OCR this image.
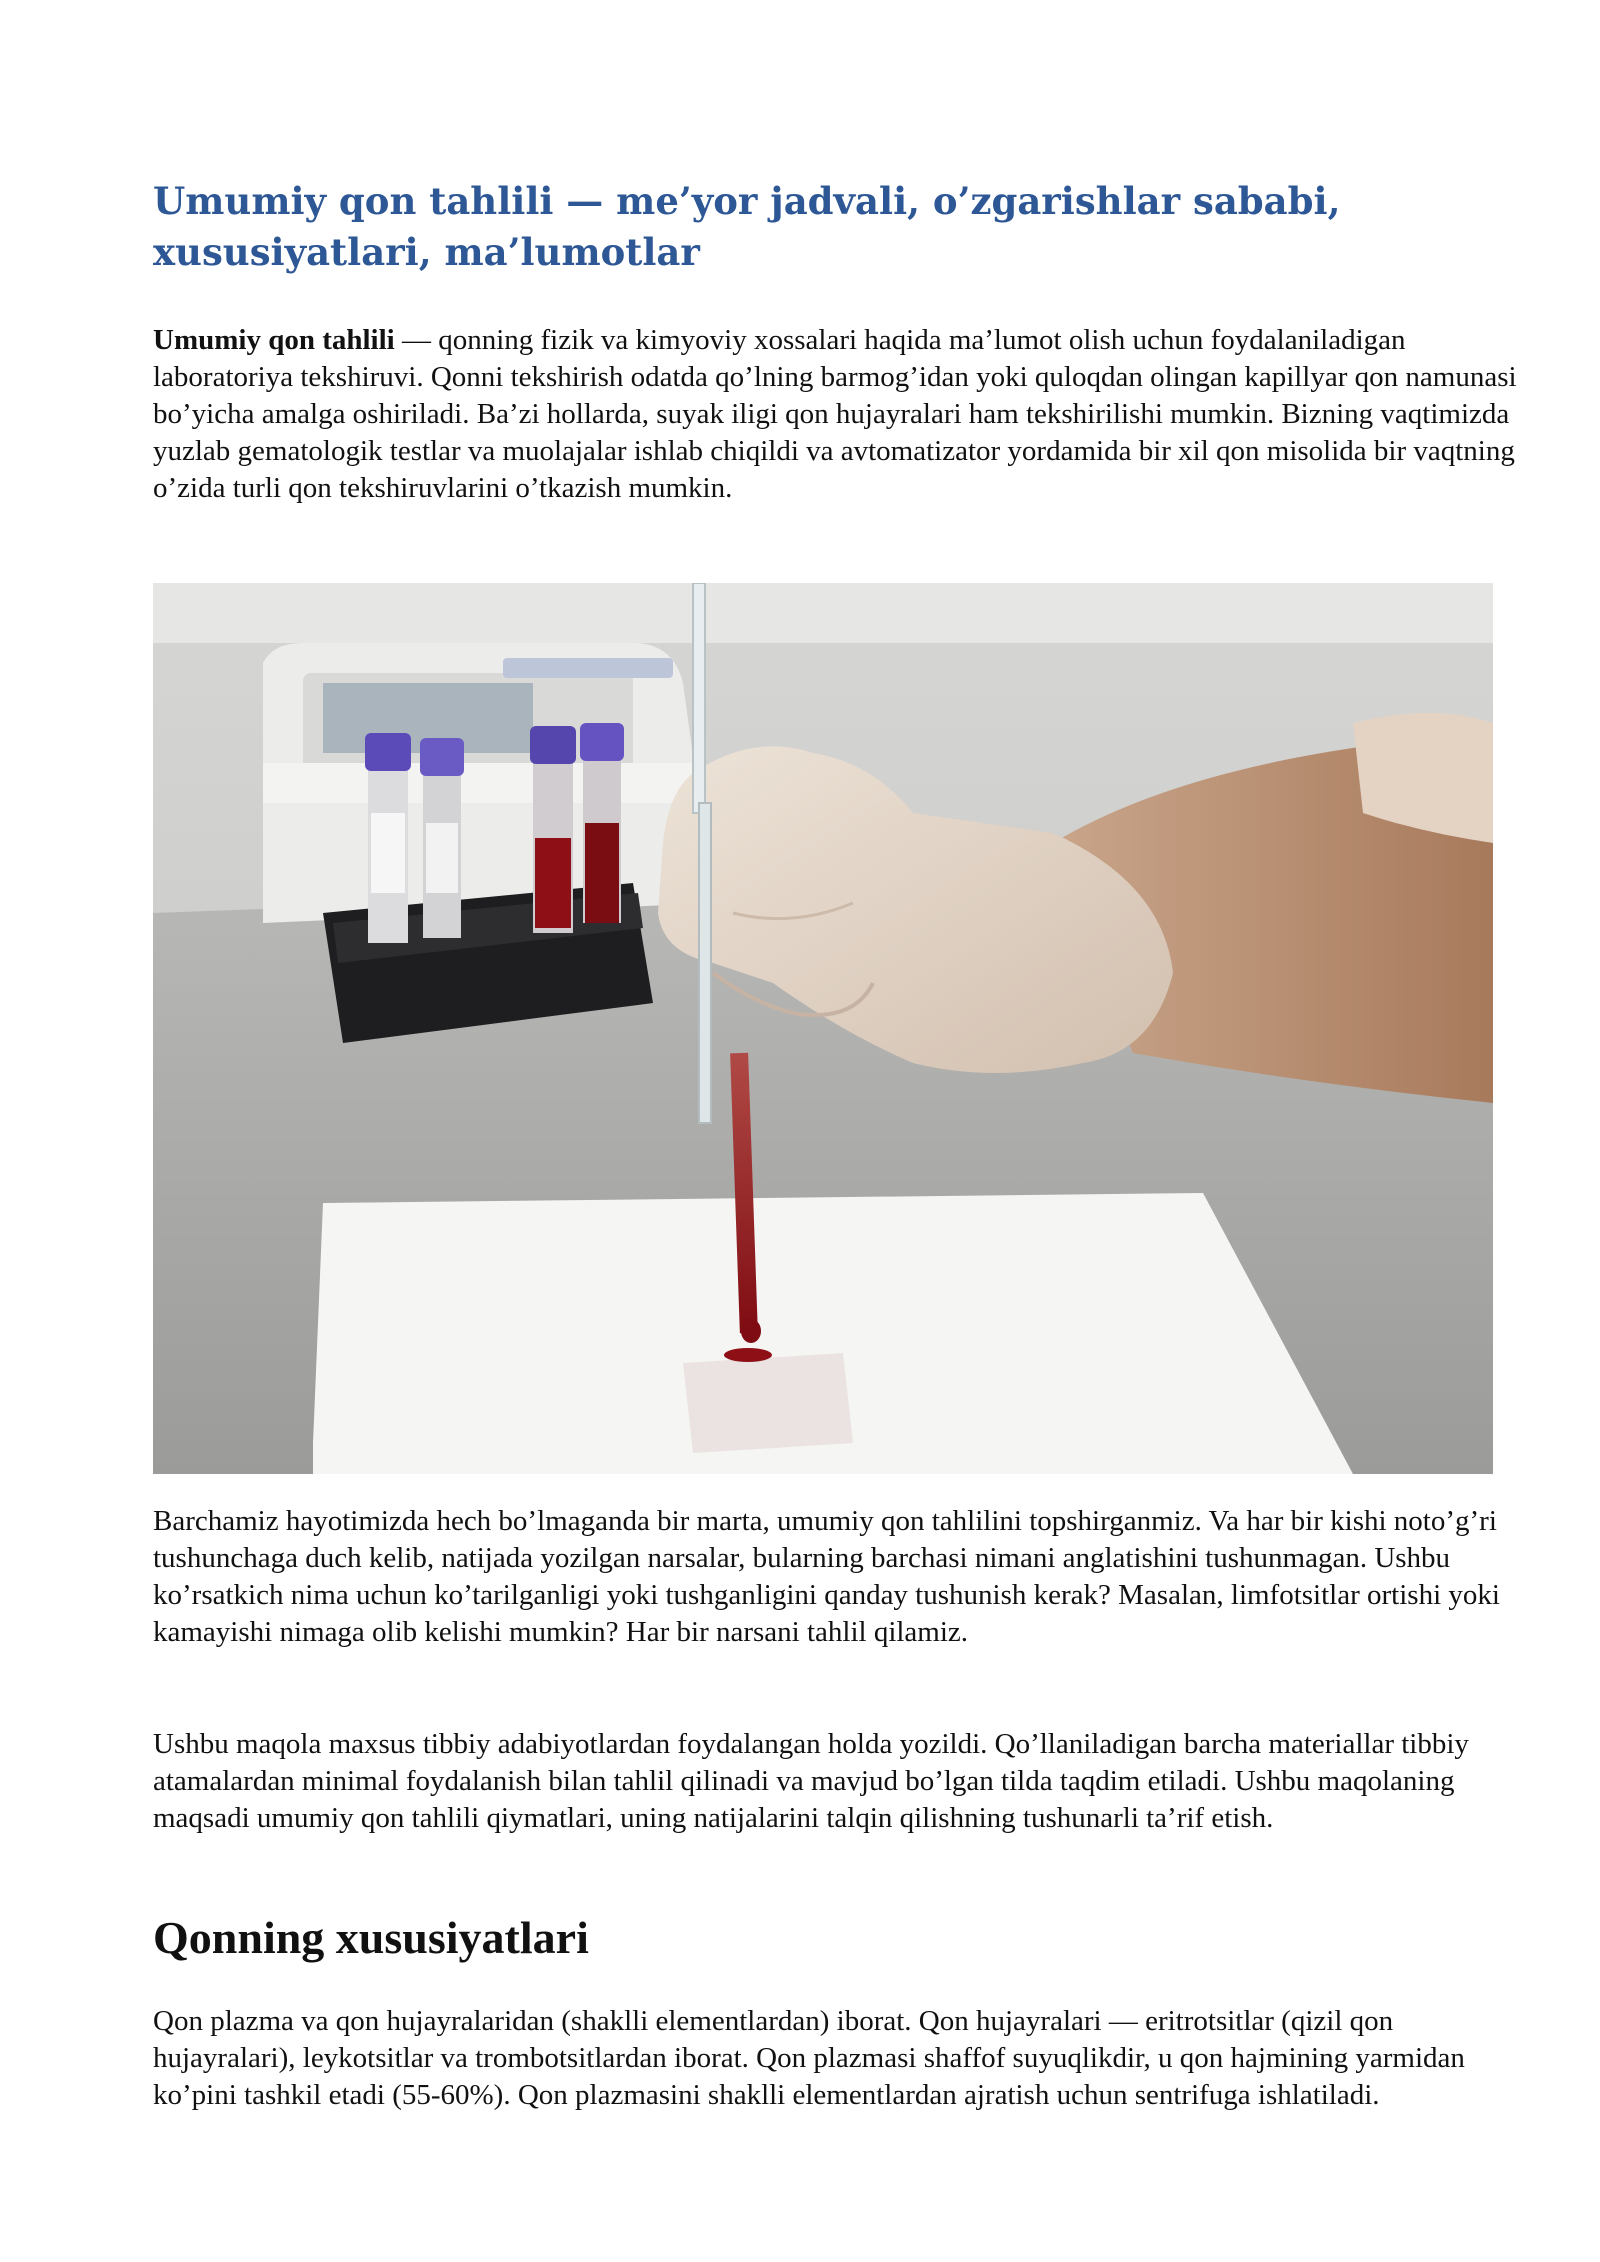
Umumiy qon tahlili — me’yor jadvali, o’zgarishlar sababi, xususiyatlari, ma’lumotlar

Umumiy qon tahlili — qonning fizik va kimyoviy xossalari haqida ma’lumot olish uchun foydalaniladigan laboratoriya tekshiruvi. Qonni tekshirish odatda qo’lning barmog’idan yoki quloqdan olingan kapillyar qon namunasi bo’yicha amalga oshiriladi. Ba’zi hollarda, suyak iligi qon hujayralari ham tekshirilishi mumkin. Bizning vaqtimizda yuzlab gematologik testlar va muolajalar ishlab chiqildi va avtomatizator yordamida bir xil qon misolida bir vaqtning o’zida turli qon tekshiruvlarini o’tkazish mumkin.

Barchamiz hayotimizda hech bo’lmaganda bir marta, umumiy qon tahlilini topshirganmiz. Va har bir kishi noto’g’ri tushunchaga duch kelib, natijada yozilgan narsalar, bularning barchasi nimani anglatishini tushunmagan. Ushbu ko’rsatkich nima uchun ko’tarilganligi yoki tushganligini qanday tushunish kerak? Masalan, limfotsitlar ortishi yoki kamayishi nimaga olib kelishi mumkin? Har bir narsani tahlil qilamiz.

Ushbu maqola maxsus tibbiy adabiyotlardan foydalangan holda yozildi. Qo’llaniladigan barcha materiallar tibbiy atamalardan minimal foydalanish bilan tahlil qilinadi va mavjud bo’lgan tilda taqdim etiladi. Ushbu maqolaning maqsadi umumiy qon tahlili qiymatlari, uning natijalarini talqin qilishning tushunarli ta’rif etish.

Qonning xususiyatlari

Qon plazma va qon hujayralaridan (shaklli elementlardan) iborat. Qon hujayralari — eritrotsitlar (qizil qon hujayralari), leykotsitlar va trombotsitlardan iborat. Qon plazmasi shaffof suyuqlikdir, u qon hajmining yarmidan ko’pini tashkil etadi (55-60%). Qon plazmasini shaklli elementlardan ajratish uchun sentrifuga ishlatiladi.
